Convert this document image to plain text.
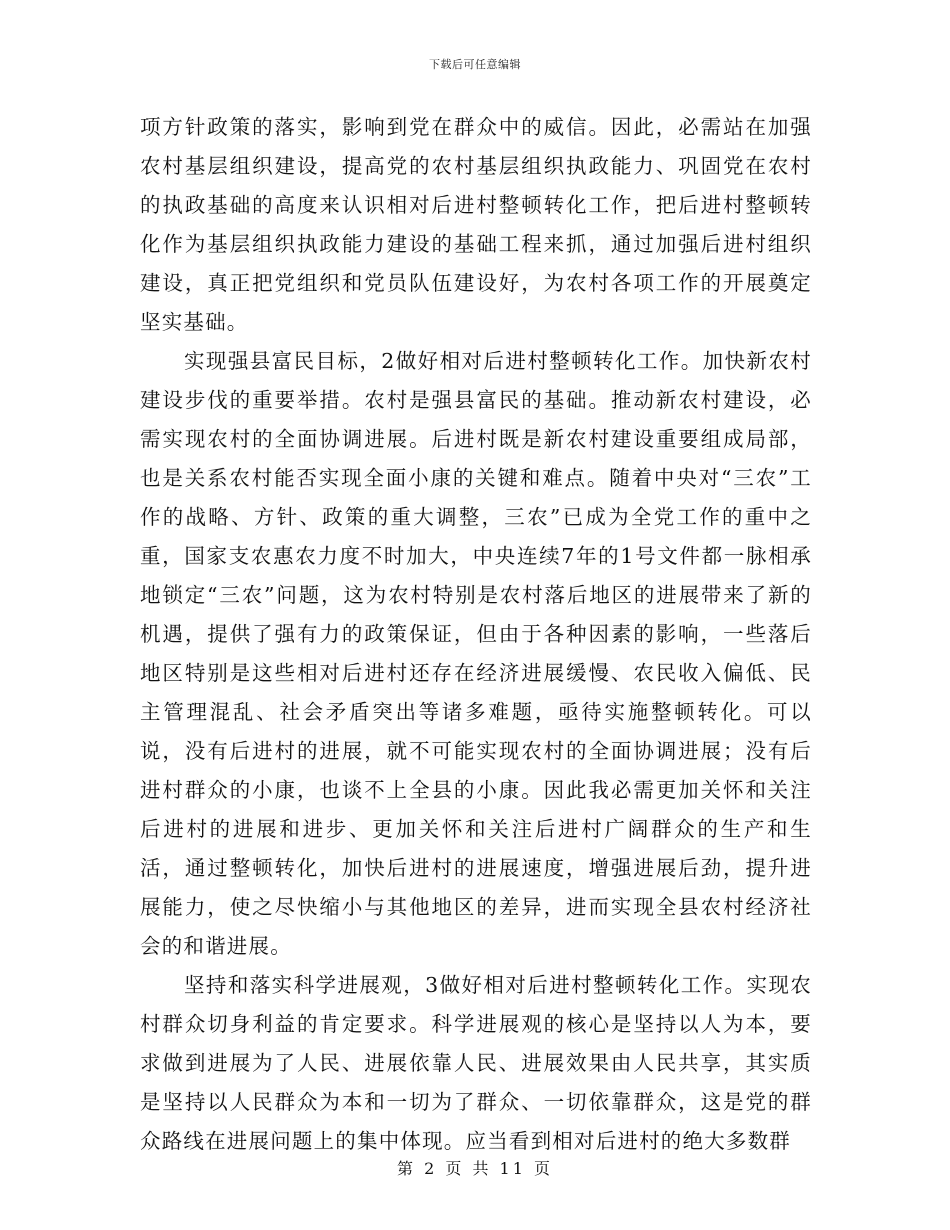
下载后可任意编辑

项方针政策的落实，影响到党在群众中的威信。因此，必需站在加强农村基层组织建设，提高党的农村基层组织执政能力、巩固党在农村的执政基础的高度来认识相对后进村整顿转化工作，把后进村整顿转化作为基层组织执政能力建设的基础工程来抓，通过加强后进村组织建设，真正把党组织和党员队伍建设好，为农村各项工作的开展奠定坚实基础。

实现强县富民目标，2做好相对后进村整顿转化工作。加快新农村建设步伐的重要举措。农村是强县富民的基础。推动新农村建设，必需实现农村的全面协调进展。后进村既是新农村建设重要组成局部，也是关系农村能否实现全面小康的关键和难点。随着中央对“三农”工作的战略、方针、政策的重大调整，三农”已成为全党工作的重中之重，国家支农惠农力度不时加大，中央连续7年的1号文件都一脉相承地锁定“三农”问题，这为农村特别是农村落后地区的进展带来了新的机遇，提供了强有力的政策保证，但由于各种因素的影响，一些落后地区特别是这些相对后进村还存在经济进展缓慢、农民收入偏低、民主管理混乱、社会矛盾突出等诸多难题，亟待实施整顿转化。可以说，没有后进村的进展，就不可能实现农村的全面协调进展；没有后进村群众的小康，也谈不上全县的小康。因此我必需更加关怀和关注后进村的进展和进步、更加关怀和关注后进村广阔群众的生产和生活，通过整顿转化，加快后进村的进展速度，增强进展后劲，提升进展能力，使之尽快缩小与其他地区的差异，进而实现全县农村经济社会的和谐进展。

坚持和落实科学进展观，3做好相对后进村整顿转化工作。实现农村群众切身利益的肯定要求。科学进展观的核心是坚持以人为本，要求做到进展为了人民、进展依靠人民、进展效果由人民共享，其实质是坚持以人民群众为本和一切为了群众、一切依靠群众，这是党的群众路线在进展问题上的集中体现。应当看到相对后进村的绝大多数群

第 2 页 共 11 页
